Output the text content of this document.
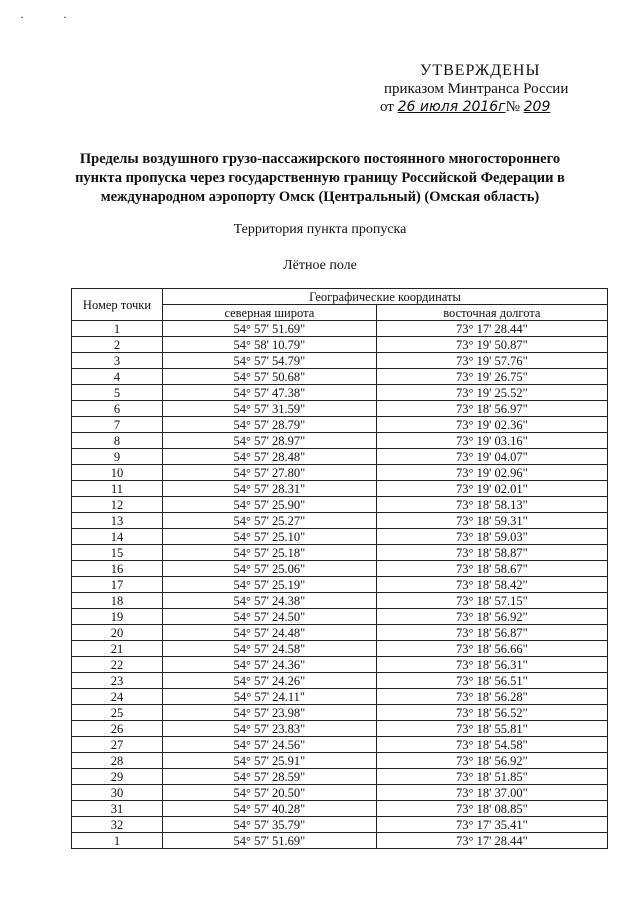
· ·
УТВЕРЖДЕНЫ
приказом Минтранса России
от 26 июля 2016г№ 209
Пределы воздушного грузо-пассажирского постоянного многостороннего пункта пропуска через государственную границу Российской Федерации в международном аэропорту Омск (Центральный) (Омская область)
Территория пункта пропуска
Лётное поле
Номер точки	Географические координаты	
	северная широта	восточная долгота
1	54° 57' 51.69"	73° 17' 28.44"
2	54° 58' 10.79"	73° 19' 50.87"
3	54° 57' 54.79"	73° 19' 57.76"
4	54° 57' 50.68"	73° 19' 26.75"
5	54° 57' 47.38"	73° 19' 25.52"
6	54° 57' 31.59"	73° 18' 56.97"
7	54° 57' 28.79"	73° 19' 02.36"
8	54° 57' 28.97"	73° 19' 03.16"
9	54° 57' 28.48"	73° 19' 04.07"
10	54° 57' 27.80"	73° 19' 02.96"
11	54° 57' 28.31"	73° 19' 02.01"
12	54° 57' 25.90"	73° 18' 58.13"
13	54° 57' 25.27"	73° 18' 59.31"
14	54° 57' 25.10"	73° 18' 59.03"
15	54° 57' 25.18"	73° 18' 58.87"
16	54° 57' 25.06"	73° 18' 58.67"
17	54° 57' 25.19"	73° 18' 58.42"
18	54° 57' 24.38"	73° 18' 57.15"
19	54° 57' 24.50"	73° 18' 56.92"
20	54° 57' 24.48"	73° 18' 56.87"
21	54° 57' 24.58"	73° 18' 56.66"
22	54° 57' 24.36"	73° 18' 56.31"
23	54° 57' 24.26"	73° 18' 56.51"
24	54° 57' 24.11"	73° 18' 56.28"
25	54° 57' 23.98"	73° 18' 56.52"
26	54° 57' 23.83"	73° 18' 55.81"
27	54° 57' 24.56"	73° 18' 54.58"
28	54° 57' 25.91"	73° 18' 56.92"
29	54° 57' 28.59"	73° 18' 51.85"
30	54° 57' 20.50"	73° 18' 37.00"
31	54° 57' 40.28"	73° 18' 08.85"
32	54° 57' 35.79"	73° 17' 35.41"
1	54° 57' 51.69"	73° 17' 28.44"
